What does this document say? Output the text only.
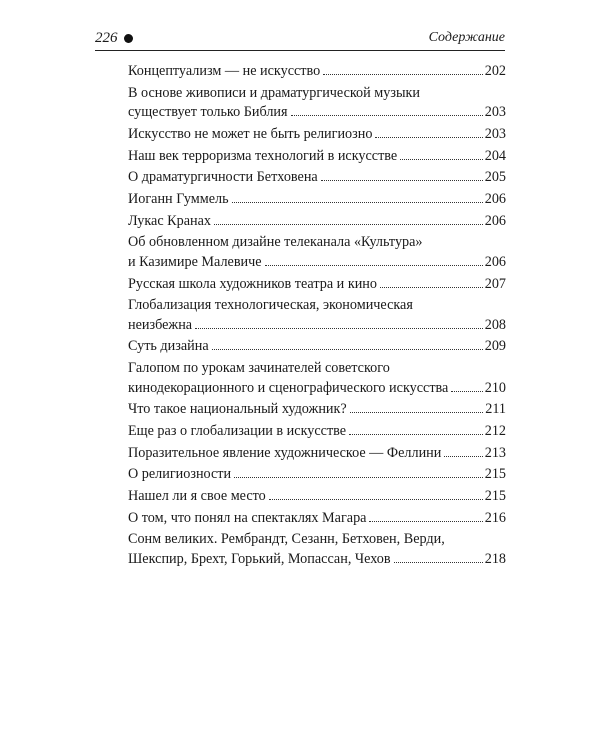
226	Содержание
Концептуализм — не искусство	202
В основе живописи и драматургической музыки
существует только Библия	203
Искусство не может не быть религиозно	203
Наш век терроризма технологий в искусстве	204
О драматургичности Бетховена	205
Иоганн Гуммель	206
Лукас Кранах	206
Об обновленном дизайне телеканала «Культура»
и Казимире Малевиче	206
Русская школа художников театра и кино	207
Глобализация технологическая, экономическая
неизбежна	208
Суть дизайна	209
Галопом по урокам зачинателей советского
кинодекорационного и сценографического искусства	210
Что такое национальный художник?	211
Еще раз о глобализации в искусстве	212
Поразительное явление художническое — Феллини	213
О религиозности	215
Нашел ли я свое место	215
О том, что понял на спектаклях Магара	216
Сонм великих. Рембрандт, Сезанн, Бетховен, Верди,
Шекспир, Брехт, Горький, Мопассан, Чехов	218
